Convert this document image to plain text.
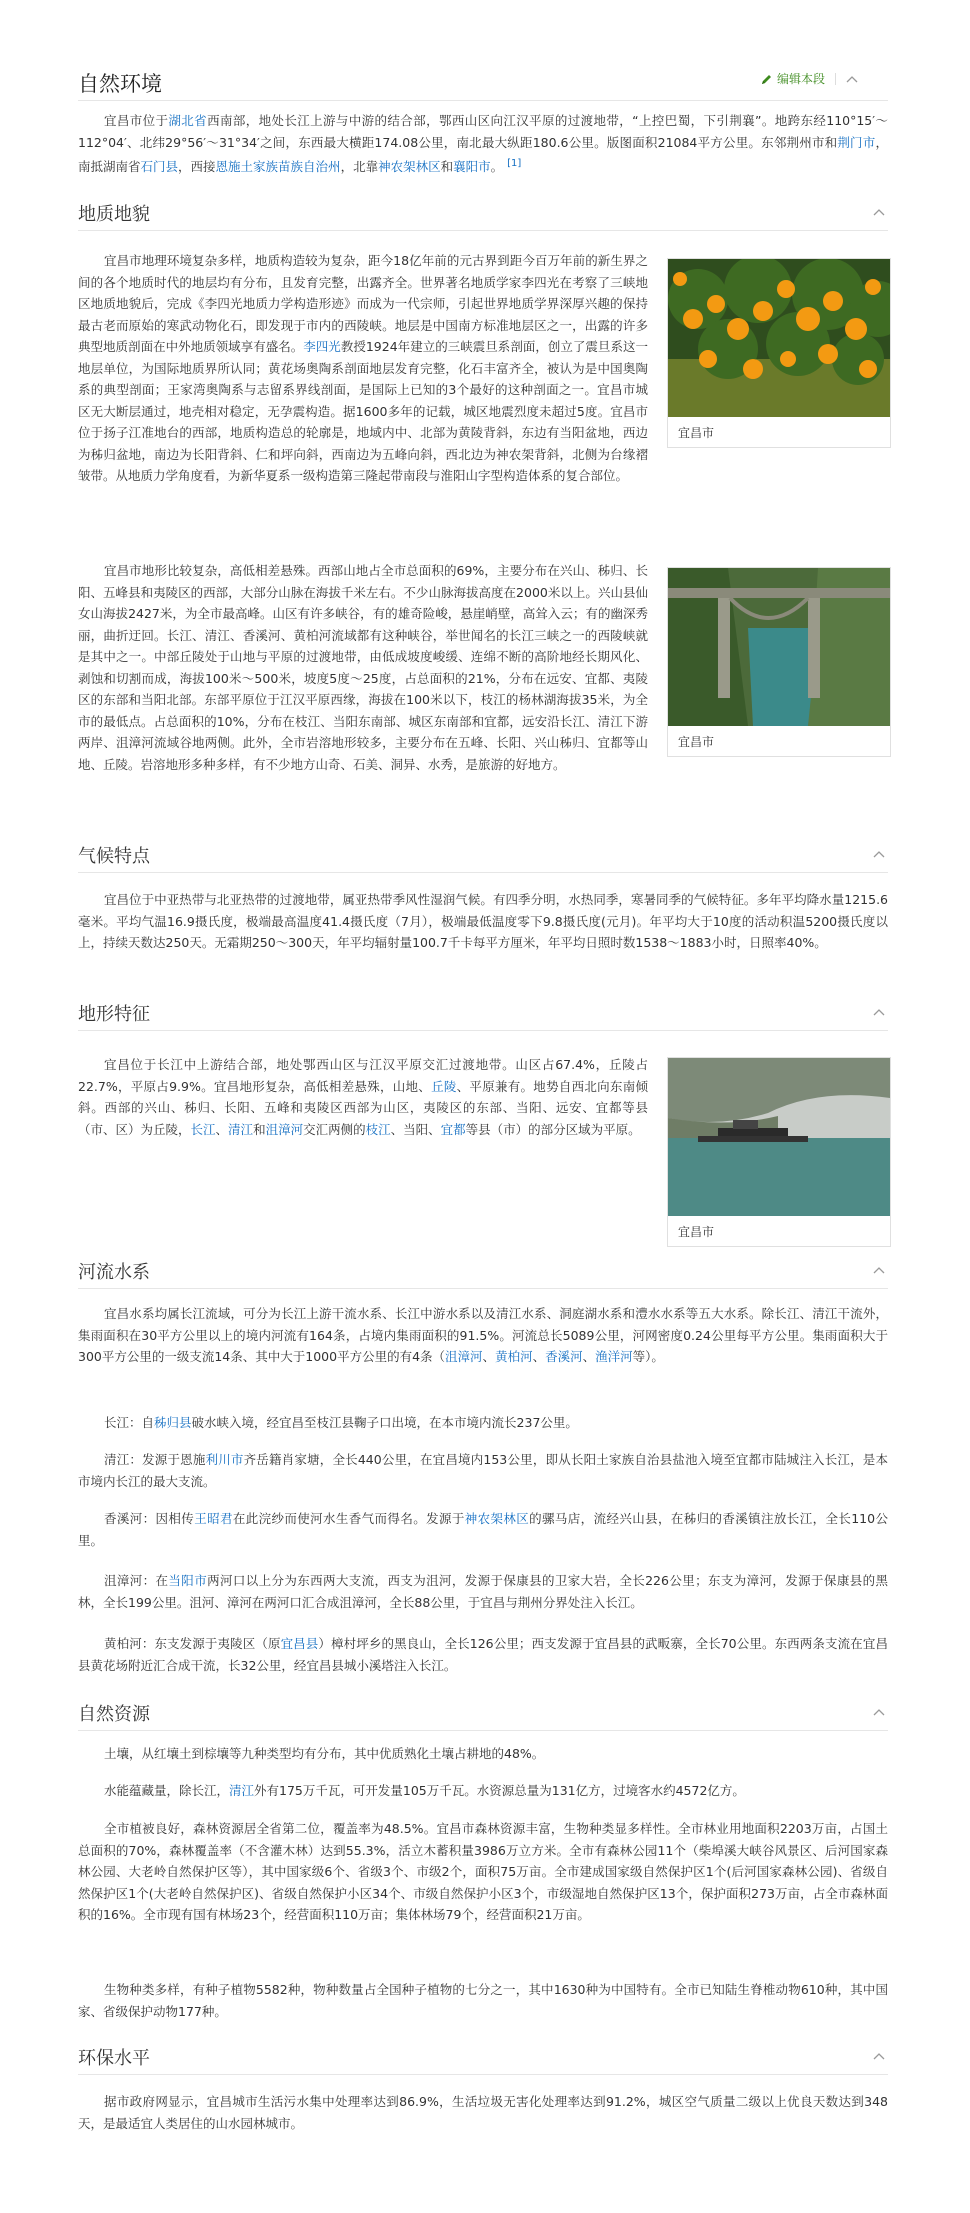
自然环境	编辑本段
宜昌市位于湖北省西南部，地处长江上游与中游的结合部，鄂西山区向江汉平原的过渡地带，“上控巴蜀，下引荆襄”。地跨东经110°15′～112°04′、北纬29°56′～31°34′之间，东西最大横距174.08公里，南北最大纵距180.6公里。版图面积21084平方公里。东邻荆州市和荆门市，南抵湖南省石门县，西接恩施土家族苗族自治州，北靠神农架林区和襄阳市。 [1]
地质地貌
宜昌市地理环境复杂多样，地质构造较为复杂，距今18亿年前的元古界到距今百万年前的新生界之间的各个地质时代的地层均有分布，且发育完整，出露齐全。世界著名地质学家李四光在考察了三峡地区地质地貌后，完成《李四光地质力学构造形迹》而成为一代宗师，引起世界地质学界深厚兴趣的保持最古老而原始的寒武动物化石，即发现于市内的西陵峡。地层是中国南方标准地层区之一，出露的许多典型地质剖面在中外地质领域享有盛名。李四光教授1924年建立的三峡震旦系剖面，创立了震旦系这一地层单位，为国际地质界所认同；黄花场奥陶系剖面地层发育完整，化石丰富齐全，被认为是中国奥陶系的典型剖面；王家湾奥陶系与志留系界线剖面，是国际上已知的3个最好的这种剖面之一。宜昌市城区无大断层通过，地壳相对稳定，无孕震构造。据1600多年的记载，城区地震烈度未超过5度。宜昌市位于扬子江准地台的西部，地质构造总的轮廓是，地域内中、北部为黄陵背斜，东边有当阳盆地，西边为秭归盆地，南边为长阳背斜、仁和坪向斜，西南边为五峰向斜，西北边为神农架背斜，北侧为台缘褶皱带。从地质力学角度看，为新华夏系一级构造第三隆起带南段与淮阳山字型构造体系的复合部位。
宜昌市
宜昌市地形比较复杂，高低相差悬殊。西部山地占全市总面积的69%，主要分布在兴山、秭归、长阳、五峰县和夷陵区的西部，大部分山脉在海拔千米左右。不少山脉海拔高度在2000米以上。兴山县仙女山海拔2427米，为全市最高峰。山区有许多峡谷，有的雄奇险峻，悬崖峭壁，高耸入云；有的幽深秀丽，曲折迂回。长江、清江、香溪河、黄柏河流域都有这种峡谷，举世闻名的长江三峡之一的西陵峡就是其中之一。中部丘陵处于山地与平原的过渡地带，由低成坡度峻缓、连绵不断的高阶地经长期风化、剥蚀和切割而成，海拔100米～500米，坡度5度～25度，占总面积的21%，分布在远安、宜都、夷陵区的东部和当阳北部。东部平原位于江汉平原西缘，海拔在100米以下，枝江的杨林湖海拔35米，为全市的最低点。占总面积的10%，分布在枝江、当阳东南部、城区东南部和宜都，远安沿长江、清江下游两岸、沮漳河流域谷地两侧。此外，全市岩溶地形较多，主要分布在五峰、长阳、兴山秭归、宜都等山地、丘陵。岩溶地形多种多样，有不少地方山奇、石美、洞异、水秀，是旅游的好地方。
宜昌市
气候特点
宜昌位于中亚热带与北亚热带的过渡地带，属亚热带季风性湿润气候。有四季分明，水热同季，寒暑同季的气候特征。多年平均降水量1215.6毫米。平均气温16.9摄氏度，极端最高温度41.4摄氏度（7月），极端最低温度零下9.8摄氏度(元月)。年平均大于10度的活动积温5200摄氏度以上，持续天数达250天。无霜期250～300天，年平均辐射量100.7千卡每平方厘米，年平均日照时数1538～1883小时，日照率40%。
地形特征
宜昌位于长江中上游结合部，地处鄂西山区与江汉平原交汇过渡地带。山区占67.4%，丘陵占22.7%，平原占9.9%。宜昌地形复杂，高低相差悬殊，山地、丘陵、平原兼有。地势自西北向东南倾斜。西部的兴山、秭归、长阳、五峰和夷陵区西部为山区，夷陵区的东部、当阳、远安、宜都等县（市、区）为丘陵，长江、清江和沮漳河交汇两侧的枝江、当阳、宜都等县（市）的部分区域为平原。
宜昌市
河流水系
宜昌水系均属长江流域，可分为长江上游干流水系、长江中游水系以及清江水系、洞庭湖水系和澧水水系等五大水系。除长江、清江干流外，集雨面积在30平方公里以上的境内河流有164条，占境内集雨面积的91.5%。河流总长5089公里，河网密度0.24公里每平方公里。集雨面积大于300平方公里的一级支流14条、其中大于1000平方公里的有4条（沮漳河、黄柏河、香溪河、渔洋河等）。
长江：自秭归县破水峡入境，经宜昌至枝江县鞠子口出境，在本市境内流长237公里。
清江：发源于恩施利川市齐岳籍肖家塘，全长440公里，在宜昌境内153公里，即从长阳土家族自治县盐池入境至宜都市陆城注入长江，是本市境内长江的最大支流。
香溪河：因相传王昭君在此浣纱而使河水生香气而得名。发源于神农架林区的骡马店，流经兴山县，在秭归的香溪镇注放长江，全长110公里。
沮漳河：在当阳市两河口以上分为东西两大支流，西支为沮河，发源于保康县的卫家大岩，全长226公里；东支为漳河，发源于保康县的黑林，全长199公里。沮河、漳河在两河口汇合成沮漳河，全长88公里，于宜昌与荆州分界处注入长江。
黄柏河：东支发源于夷陵区（原宜昌县）樟村坪乡的黑良山，全长126公里；西支发源于宜昌县的武畈寨，全长70公里。东西两条支流在宜昌县黄花场附近汇合成干流，长32公里，经宜昌县城小溪塔注入长江。
自然资源
土壤，从红壤土到棕壤等九种类型均有分布，其中优质熟化土壤占耕地的48%。
水能蕴藏量，除长江，清江外有175万千瓦，可开发量105万千瓦。水资源总量为131亿方，过境客水约4572亿方。
全市植被良好，森林资源居全省第二位，覆盖率为48.5%。宜昌市森林资源丰富，生物种类显多样性。全市林业用地面积2203万亩，占国土总面积的70%，森林覆盖率（不含灌木林）达到55.3%，活立木蓄积量3986万立方米。全市有森林公园11个（柴埠溪大峡谷风景区、后河国家森林公园、大老岭自然保护区等），其中国家级6个、省级3个、市级2个，面积75万亩。全市建成国家级自然保护区1个(后河国家森林公园)、省级自然保护区1个(大老岭自然保护区)、省级自然保护小区34个、市级自然保护小区3个，市级湿地自然保护区13个，保护面积273万亩，占全市森林面积的16%。全市现有国有林场23个，经营面积110万亩；集体林场79个，经营面积21万亩。
生物种类多样，有种子植物5582种，物种数量占全国种子植物的七分之一，其中1630种为中国特有。全市已知陆生脊椎动物610种，其中国家、省级保护动物177种。
环保水平
据市政府网显示，宜昌城市生活污水集中处理率达到86.9%，生活垃圾无害化处理率达到91.2%，城区空气质量二级以上优良天数达到348天，是最适宜人类居住的山水园林城市。
